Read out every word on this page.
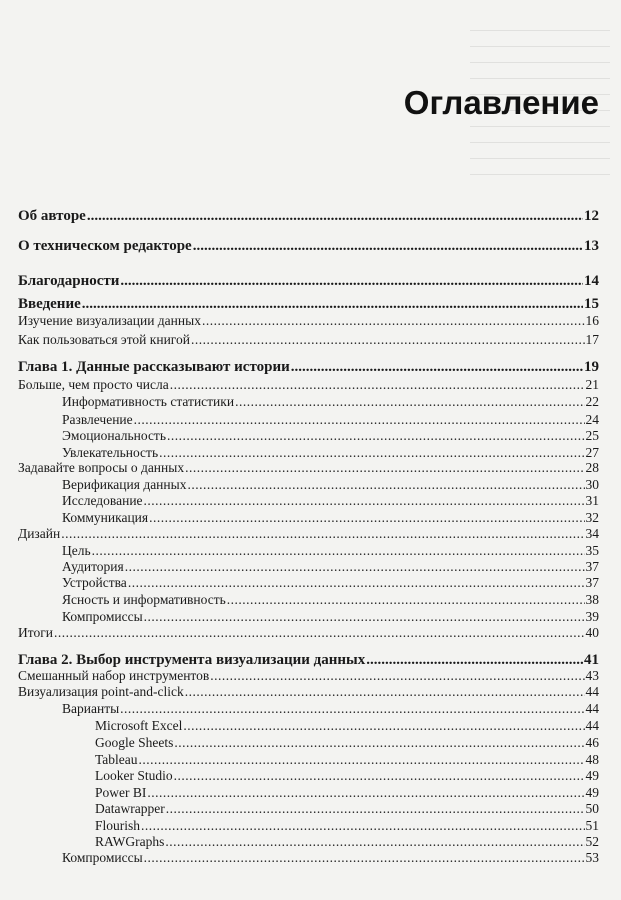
Оглавление
Об авторе .....	12
О техническом редакторе .....	13
Благодарности .....	14
Введение .....	15
Изучение визуализации данных .....	16
Как пользоваться этой книгой .....	17
Глава 1. Данные рассказывают истории .....	19
Больше, чем просто числа .....	21
Информативность статистики .....	22
Развлечение .....	24
Эмоциональность .....	25
Увлекательность .....	27
Задавайте вопросы о данных .....	28
Верификация данных .....	30
Исследование .....	31
Коммуникация .....	32
Дизайн .....	34
Цель .....	35
Аудитория .....	37
Устройства .....	37
Ясность и информативность .....	38
Компромиссы .....	39
Итоги .....	40
Глава 2. Выбор инструмента визуализации данных .....	41
Смешанный набор инструментов .....	43
Визуализация point-and-click .....	44
Варианты .....	44
Microsoft Excel .....	44
Google Sheets .....	46
Tableau .....	48
Looker Studio .....	49
Power BI .....	49
Datawrapper .....	50
Flourish .....	51
RAWGraphs .....	52
Компромиссы .....	53
